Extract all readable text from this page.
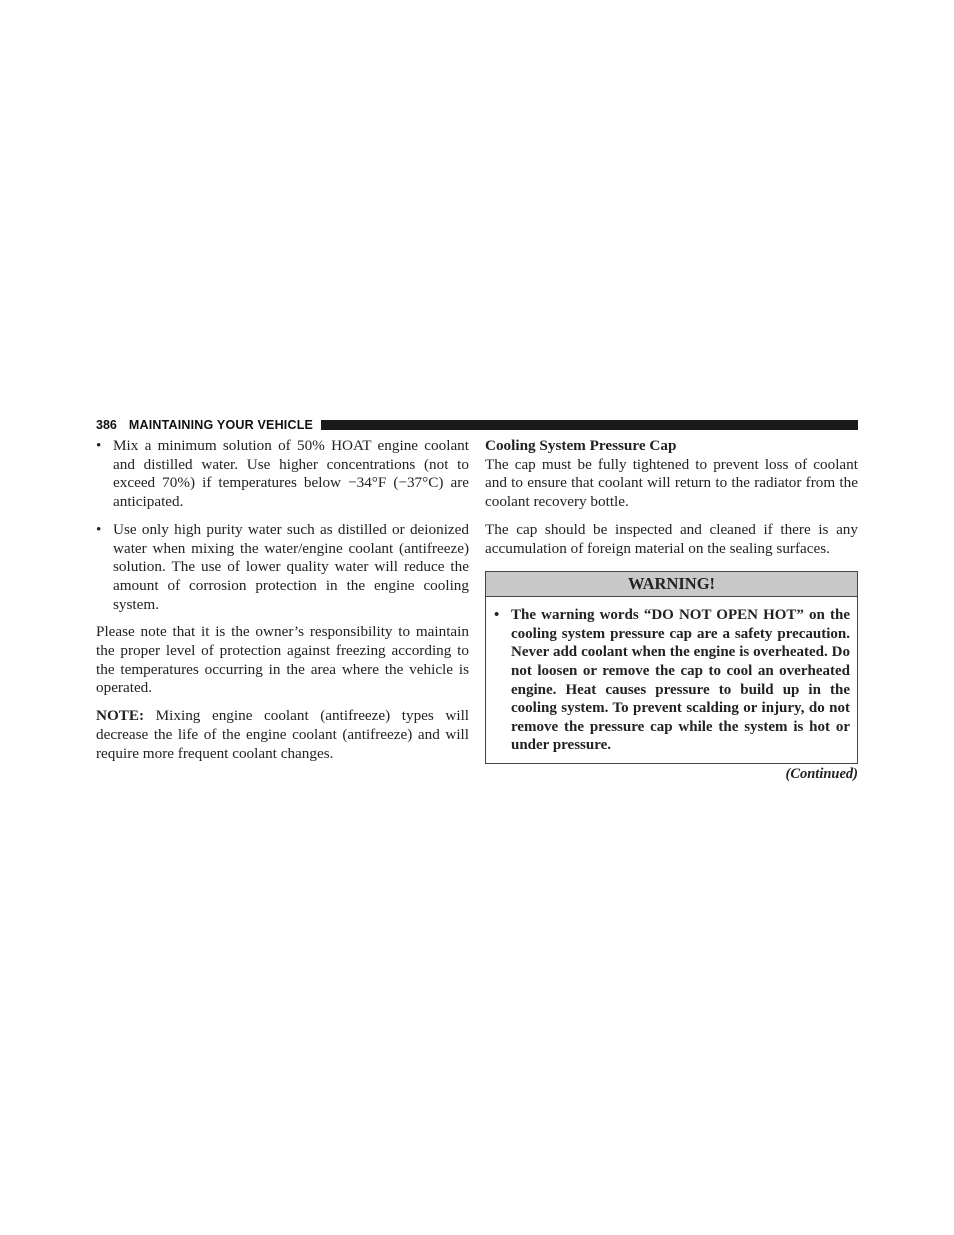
386 MAINTAINING YOUR VEHICLE
• Mix a minimum solution of 50% HOAT engine coolant and distilled water. Use higher concentrations (not to exceed 70%) if temperatures below −34°F (−37°C) are anticipated.
• Use only high purity water such as distilled or deionized water when mixing the water/engine coolant (antifreeze) solution. The use of lower quality water will reduce the amount of corrosion protection in the engine cooling system.

Please note that it is the owner’s responsibility to maintain the proper level of protection against freezing according to the temperatures occurring in the area where the vehicle is operated.

NOTE: Mixing engine coolant (antifreeze) types will decrease the life of the engine coolant (antifreeze) and will require more frequent coolant changes.

Cooling System Pressure Cap

The cap must be fully tightened to prevent loss of coolant and to ensure that coolant will return to the radiator from the coolant recovery bottle.

The cap should be inspected and cleaned if there is any accumulation of foreign material on the sealing surfaces.

WARNING!
• The warning words “DO NOT OPEN HOT” on the cooling system pressure cap are a safety precaution. Never add coolant when the engine is overheated. Do not loosen or remove the cap to cool an overheated engine. Heat causes pressure to build up in the cooling system. To prevent scalding or injury, do not remove the pressure cap while the system is hot or under pressure.
(Continued)
